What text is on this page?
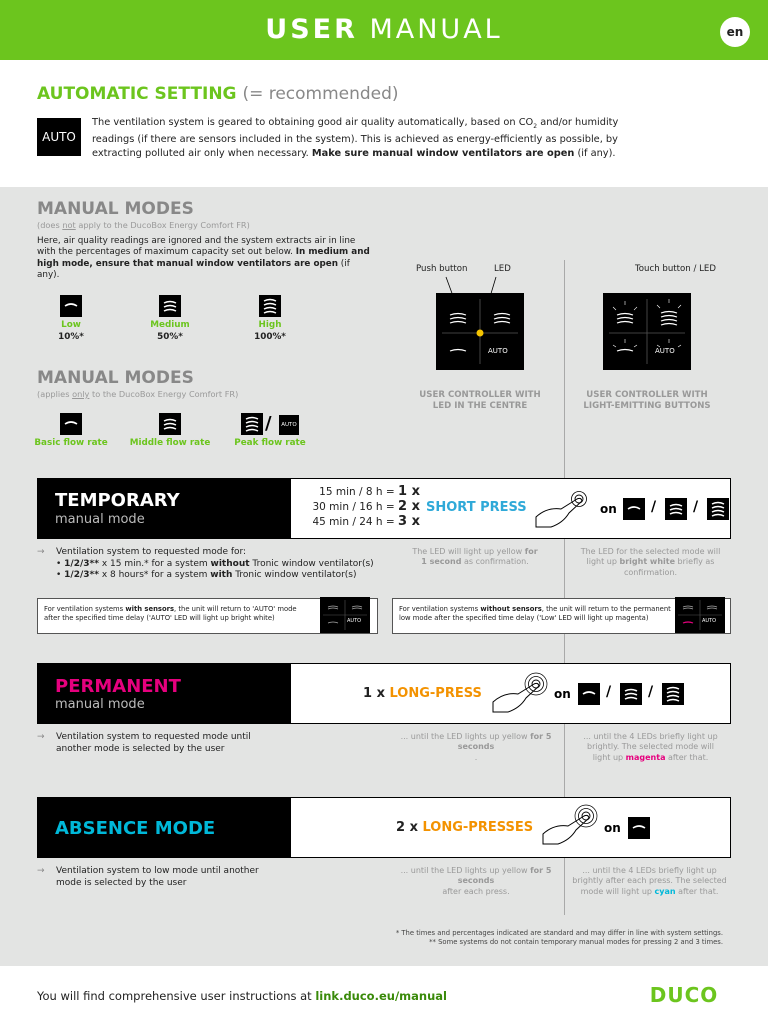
USER MANUAL	en
AUTOMATIC SETTING (= recommended)
AUTO
The ventilation system is geared to obtaining good air quality automatically, based on $CO_2$ and/or humidity readings (if there are sensors included in the system). This is achieved as energy-efficiently as possible, by extracting polluted air only when necessary. Make sure manual window ventilators are open (if any).
MANUAL MODES
(does not apply to the DucoBox Energy Comfort FR)
Here, air quality readings are ignored and the system extracts air in line with the percentages of maximum capacity set out below. In medium and high mode, ensure that manual window ventilators are open (if any).
Low
10%*
Medium
50%*
High
100%*
Push button	LED	Touch button / LED
AUTO	AUTO
USER CONTROLLER WITH
LED IN THE CENTRE
USER CONTROLLER WITH
LIGHT-EMITTING BUTTONS
MANUAL MODES
(applies only to the DucoBox Energy Comfort FR)
Basic flow rate	Middle flow rate
/	AUTO
Peak flow rate
TEMPORARY
manual mode
15 min / 8 h = 1 x
30 min / 16 h = 2 x
45 min / 24 h = 3 x
SHORT PRESS	on /	/
→ Ventilation system to requested mode for:
• 1/2/3** x 15 min.* for a system without Tronic window ventilator(s)
• 1/2/3** x 8 hours* for a system with Tronic window ventilator(s)
The LED will light up yellow for
1 second as confirmation.
The LED for the selected mode will light up bright white briefly as confirmation.
For ventilation systems with sensors, the unit will return to 'AUTO' mode after the specified time delay ('AUTO' LED will light up bright white)	AUTO
For ventilation systems without sensors, the unit will return to the permanent low mode after the specified time delay ('Low' LED will light up magenta)	AUTO
PERMANENT
manual mode
1 x LONG-PRESS	on	/	/
→ Ventilation system to requested mode until another mode is selected by the user
... until the LED lights up yellow for 5 seconds
.
... until the 4 LEDs briefly light up brightly. The selected mode will light up magenta after that.
ABSENCE MODE	2 x LONG-PRESSES	on
→ Ventilation system to low mode until another mode is selected by the user
... until the LED lights up yellow for 5 seconds
after each press.
... until the 4 LEDs briefly light up brightly after each press. The selected mode will light up cyan after that.
* The times and percentages indicated are standard and may differ in line with system settings.
** Some systems do not contain temporary manual modes for pressing 2 and 3 times.
You will find comprehensive user instructions at link.duco.eu/manual	DUCO
